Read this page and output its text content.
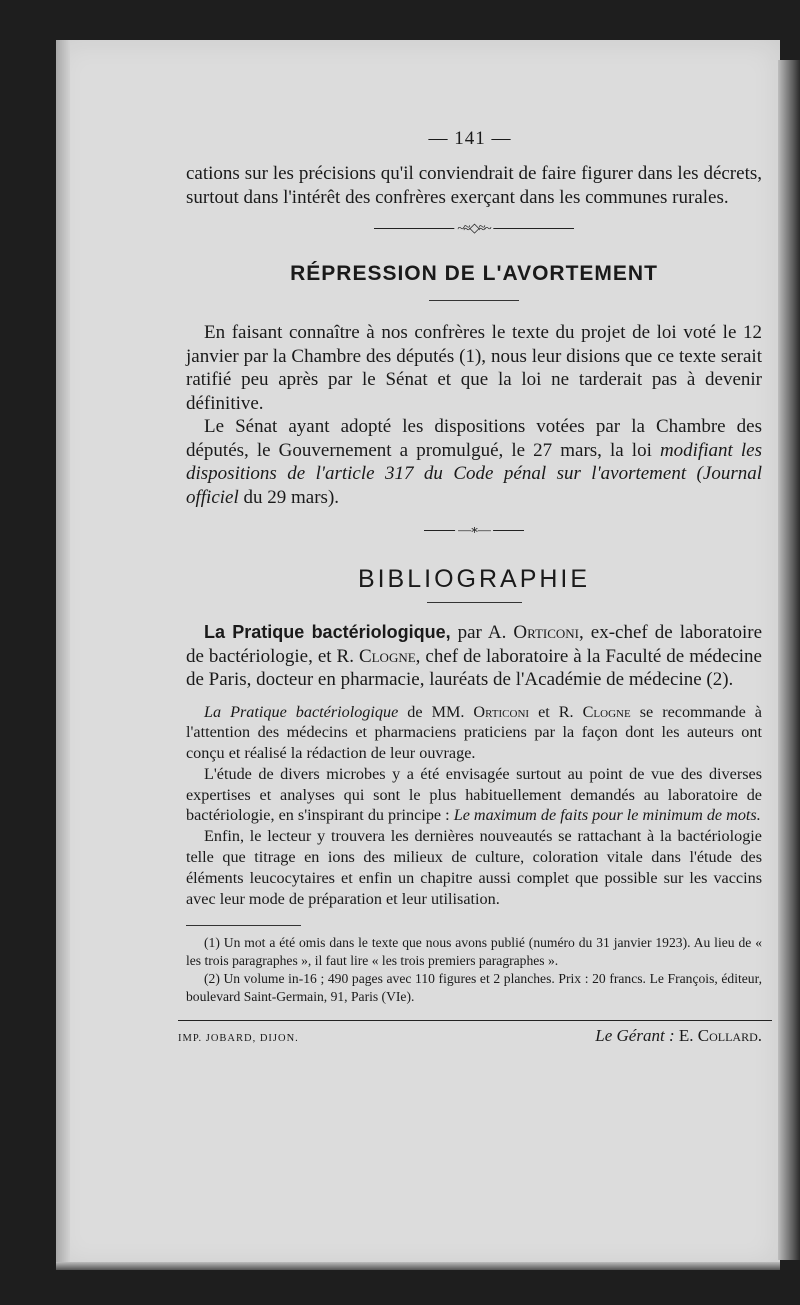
— 141 —

cations sur les précisions qu'il conviendrait de faire figurer dans les décrets, surtout dans l'intérêt des confrères exerçant dans les communes rurales.

~≈◇≈~
RÉPRESSION DE L'AVORTEMENT

En faisant connaître à nos confrères le texte du projet de loi voté le 12 janvier par la Chambre des députés (1), nous leur disions que ce texte serait ratifié peu après par le Sénat et que la loi ne tarderait pas à devenir définitive.

Le Sénat ayant adopté les dispositions votées par la Chambre des députés, le Gouvernement a promulgué, le 27 mars, la loi modifiant les dispositions de l'article 317 du Code pénal sur l'avortement (Journal officiel du 29 mars).

—∗—
BIBLIOGRAPHIE

La Pratique bactériologique, par A. Orticoni, ex-chef de laboratoire de bactériologie, et R. Clogne, chef de laboratoire à la Faculté de médecine de Paris, docteur en pharmacie, lauréats de l'Académie de médecine (2).

La Pratique bactériologique de MM. Orticoni et R. Clogne se recommande à l'attention des médecins et pharmaciens praticiens par la façon dont les auteurs ont conçu et réalisé la rédaction de leur ouvrage.

L'étude de divers microbes y a été envisagée surtout au point de vue des diverses expertises et analyses qui sont le plus habituellement demandés au laboratoire de bactériologie, en s'inspirant du principe : Le maximum de faits pour le minimum de mots.

Enfin, le lecteur y trouvera les dernières nouveautés se rattachant à la bactériologie telle que titrage en ions des milieux de culture, coloration vitale dans l'étude des éléments leucocytaires et enfin un chapitre aussi complet que possible sur les vaccins avec leur mode de préparation et leur utilisation.

(1) Un mot a été omis dans le texte que nous avons publié (numéro du 31 janvier 1923). Au lieu de « les trois paragraphes », il faut lire « les trois premiers paragraphes ».

(2) Un volume in-16 ; 490 pages avec 110 figures et 2 planches. Prix : 20 francs. Le François, éditeur, boulevard Saint-Germain, 91, Paris (VIe).

IMP. JOBARD, DIJON.	Le Gérant : E. Collard.
